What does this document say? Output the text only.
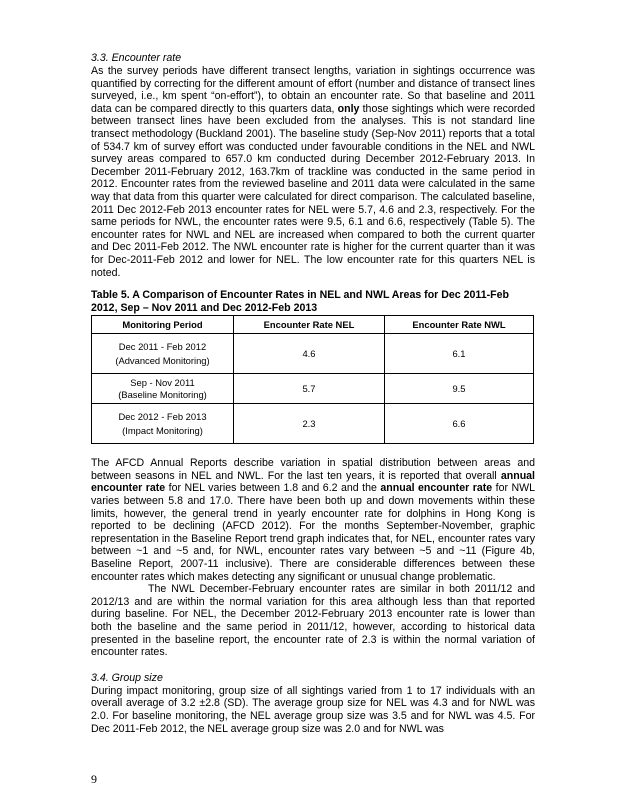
3.3. Encounter rate

As the survey periods have different transect lengths, variation in sightings occurrence was quantified by correcting for the different amount of effort (number and distance of transect lines surveyed, i.e., km spent “on-effort”), to obtain an encounter rate. So that baseline and 2011 data can be compared directly to this quarters data, only those sightings which were recorded between transect lines have been excluded from the analyses. This is not standard line transect methodology (Buckland 2001). The baseline study (Sep-Nov 2011) reports that a total of 534.7 km of survey effort was conducted under favourable conditions in the NEL and NWL survey areas compared to 657.0 km conducted during December 2012-February 2013. In December 2011-February 2012, 163.7km of trackline was conducted in the same period in 2012. Encounter rates from the reviewed baseline and 2011 data were calculated in the same way that data from this quarter were calculated for direct comparison. The calculated baseline, 2011 Dec 2012-Feb 2013 encounter rates for NEL were 5.7, 4.6 and 2.3, respectively. For the same periods for NWL, the encounter rates were 9.5, 6.1 and 6.6, respectively (Table 5). The encounter rates for NWL and NEL are increased when compared to both the current quarter and Dec 2011-Feb 2012. The NWL encounter rate is higher for the current quarter than it was for Dec-2011-Feb 2012 and lower for NEL. The low encounter rate for this quarters NEL is noted.

Table 5. A Comparison of Encounter Rates in NEL and NWL Areas for Dec 2011-Feb 2012, Sep – Nov 2011 and Dec 2012-Feb 2013

Monitoring Period	Encounter Rate NEL	Encounter Rate NWL

Dec 2011 - Feb 2012
(Advanced Monitoring)	4.6	6.1

Sep - Nov 2011
(Baseline Monitoring)	5.7	9.5

Dec 2012 - Feb 2013
(Impact Monitoring)	2.3	6.6

The AFCD Annual Reports describe variation in spatial distribution between areas and between seasons in NEL and NWL. For the last ten years, it is reported that overall annual encounter rate for NEL varies between 1.8 and 6.2 and the annual encounter rate for NWL varies between 5.8 and 17.0. There have been both up and down movements within these limits, however, the general trend in yearly encounter rate for dolphins in Hong Kong is reported to be declining (AFCD 2012). For the months September-November, graphic representation in the Baseline Report trend graph indicates that, for NEL, encounter rates vary between ~1 and ~5 and, for NWL, encounter rates vary between ~5 and ~11 (Figure 4b, Baseline Report, 2007-11 inclusive). There are considerable differences between these encounter rates which makes detecting any significant or unusual change problematic.

The NWL December-February encounter rates are similar in both 2011/12 and 2012/13 and are within the normal variation for this area although less than that reported during baseline. For NEL, the December 2012-February 2013 encounter rate is lower than both the baseline and the same period in 2011/12, however, according to historical data presented in the baseline report, the encounter rate of 2.3 is within the normal variation of encounter rates.

3.4. Group size

During impact monitoring, group size of all sightings varied from 1 to 17 individuals with an overall average of 3.2 ±2.8 (SD). The average group size for NEL was 4.3 and for NWL was 2.0. For baseline monitoring, the NEL average group size was 3.5 and for NWL was 4.5. For Dec 2011-Feb 2012, the NEL average group size was 2.0 and for NWL was

9
